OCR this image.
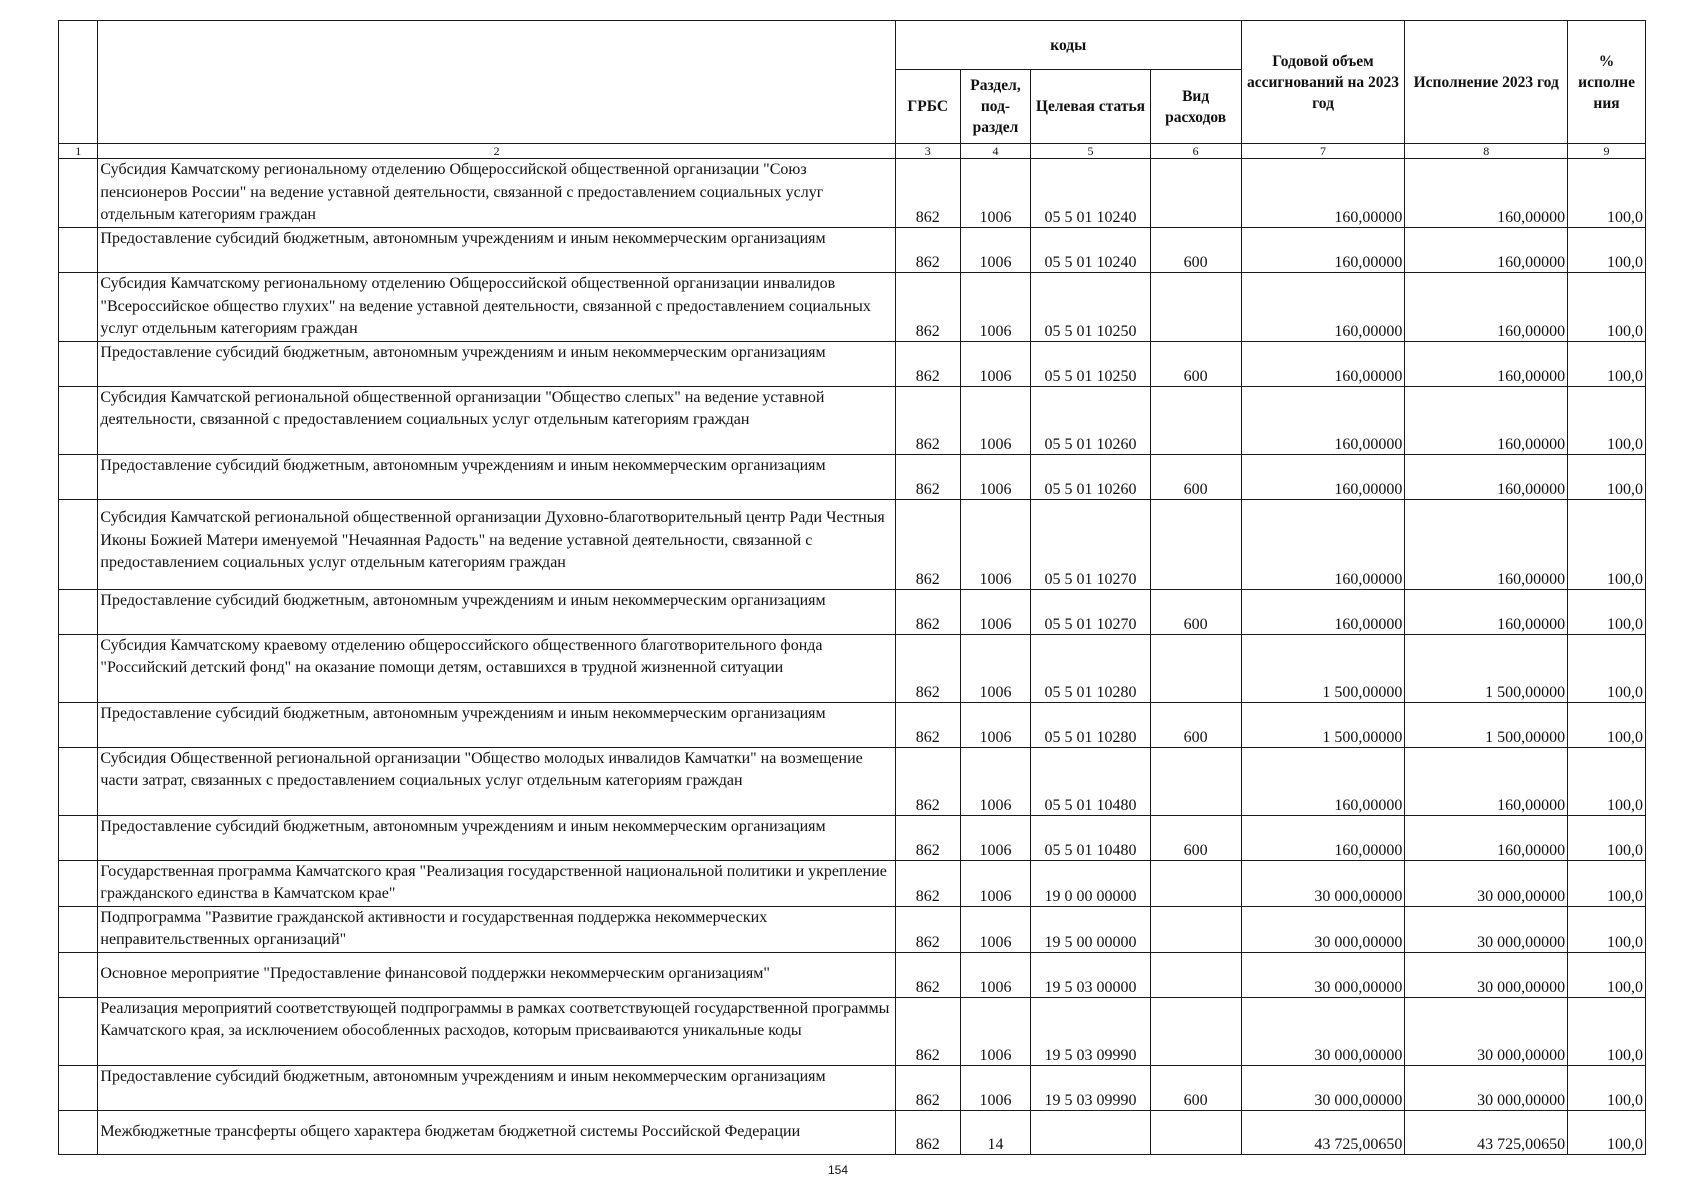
		коды				Годовой объем ассигнований на 2023 год	Исполнение 2023 год	% исполне ния
		ГРБС	Раздел, под-раздел	Целевая статья	Вид расходов			
1	2	3	4	5	6	7	8	9
	Субсидия Камчатскому региональному отделению Общероссийской общественной организации "Союз пенсионеров России" на ведение уставной деятельности, связанной с предоставлением социальных услуг отдельным категориям граждан	862	1006	05 5 01 10240		160,00000	160,00000	100,0
	Предоставление субсидий бюджетным, автономным учреждениям и иным некоммерческим организациям	862	1006	05 5 01 10240	600	160,00000	160,00000	100,0
	Субсидия Камчатскому региональному отделению Общероссийской общественной организации инвалидов "Всероссийское общество глухих" на ведение уставной деятельности, связанной с предоставлением социальных услуг отдельным категориям граждан	862	1006	05 5 01 10250		160,00000	160,00000	100,0
	Предоставление субсидий бюджетным, автономным учреждениям и иным некоммерческим организациям	862	1006	05 5 01 10250	600	160,00000	160,00000	100,0
	Субсидия Камчатской региональной общественной организации "Общество слепых" на ведение уставной деятельности, связанной с предоставлением социальных услуг отдельным категориям граждан	862	1006	05 5 01 10260		160,00000	160,00000	100,0
	Предоставление субсидий бюджетным, автономным учреждениям и иным некоммерческим организациям	862	1006	05 5 01 10260	600	160,00000	160,00000	100,0
	Субсидия Камчатской региональной общественной организации Духовно-благотворительный центр Ради Честныя Иконы Божией Матери именуемой "Нечаянная Радость" на ведение уставной деятельности, связанной с предоставлением социальных услуг отдельным категориям граждан	862	1006	05 5 01 10270		160,00000	160,00000	100,0
	Предоставление субсидий бюджетным, автономным учреждениям и иным некоммерческим организациям	862	1006	05 5 01 10270	600	160,00000	160,00000	100,0
	Субсидия Камчатскому краевому отделению общероссийского общественного благотворительного фонда "Российский детский фонд" на оказание помощи детям, оставшихся в трудной жизненной ситуации	862	1006	05 5 01 10280		1 500,00000	1 500,00000	100,0
	Предоставление субсидий бюджетным, автономным учреждениям и иным некоммерческим организациям	862	1006	05 5 01 10280	600	1 500,00000	1 500,00000	100,0
	Субсидия Общественной региональной организации "Общество молодых инвалидов Камчатки" на возмещение части затрат, связанных с предоставлением социальных услуг отдельным категориям граждан	862	1006	05 5 01 10480		160,00000	160,00000	100,0
	Предоставление субсидий бюджетным, автономным учреждениям и иным некоммерческим организациям	862	1006	05 5 01 10480	600	160,00000	160,00000	100,0
	Государственная программа Камчатского края "Реализация государственной национальной политики и укрепление гражданского единства в Камчатском крае"	862	1006	19 0 00 00000		30 000,00000	30 000,00000	100,0
	Подпрограмма "Развитие гражданской активности и государственная поддержка некоммерческих неправительственных организаций"	862	1006	19 5 00 00000		30 000,00000	30 000,00000	100,0
	Основное мероприятие "Предоставление финансовой поддержки некоммерческим организациям"	862	1006	19 5 03 00000		30 000,00000	30 000,00000	100,0
	Реализация мероприятий соответствующей подпрограммы в рамках соответствующей государственной программы Камчатского края, за исключением обособленных расходов, которым присваиваются уникальные коды	862	1006	19 5 03 09990		30 000,00000	30 000,00000	100,0
	Предоставление субсидий бюджетным, автономным учреждениям и иным некоммерческим организациям	862	1006	19 5 03 09990	600	30 000,00000	30 000,00000	100,0
	Межбюджетные трансферты общего характера бюджетам бюджетной системы Российской Федерации	862	14			43 725,00650	43 725,00650	100,0
154
